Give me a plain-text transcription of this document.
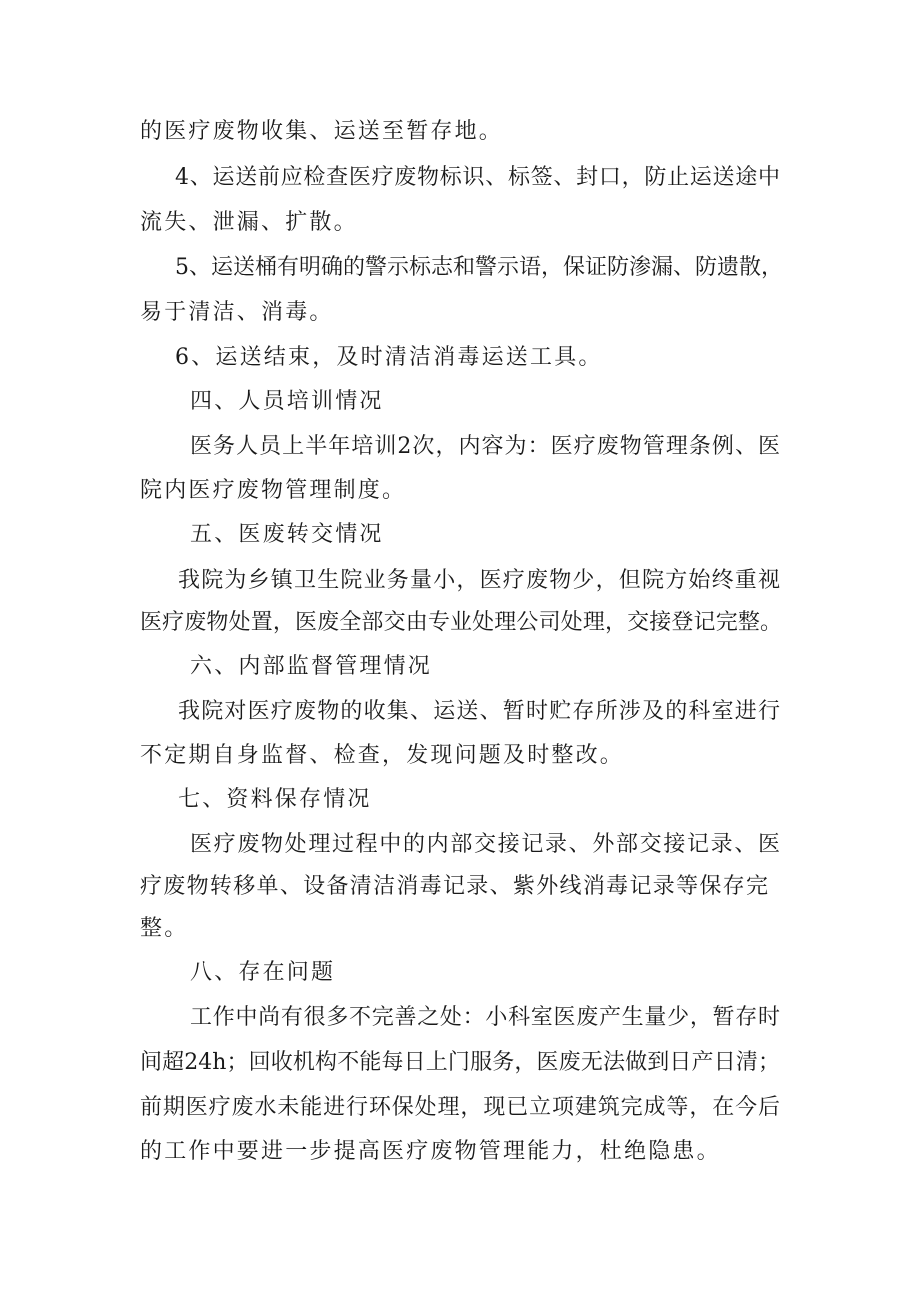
的医疗废物收集、运送至暂存地。

4、运送前应检查医疗废物标识、标签、封口，防止运送途中

流失、泄漏、扩散。

5、运送桶有明确的警示标志和警示语，保证防渗漏、防遗散，

易于清洁、消毒。

6、运送结束，及时清洁消毒运送工具。

四、人员培训情况

医务人员上半年培训2次，内容为：医疗废物管理条例、医

院内医疗废物管理制度。

五、医废转交情况

我院为乡镇卫生院业务量小，医疗废物少，但院方始终重视

医疗废物处置，医废全部交由专业处理公司处理，交接登记完整。

六、内部监督管理情况

我院对医疗废物的收集、运送、暂时贮存所涉及的科室进行

不定期自身监督、检查，发现问题及时整改。

七、资料保存情况

医疗废物处理过程中的内部交接记录、外部交接记录、医

疗废物转移单、设备清洁消毒记录、紫外线消毒记录等保存完

整。

八、存在问题

工作中尚有很多不完善之处：小科室医废产生量少，暂存时

间超24h；回收机构不能每日上门服务，医废无法做到日产日清；

前期医疗废水未能进行环保处理，现已立项建筑完成等，在今后

的工作中要进一步提高医疗废物管理能力，杜绝隐患。
